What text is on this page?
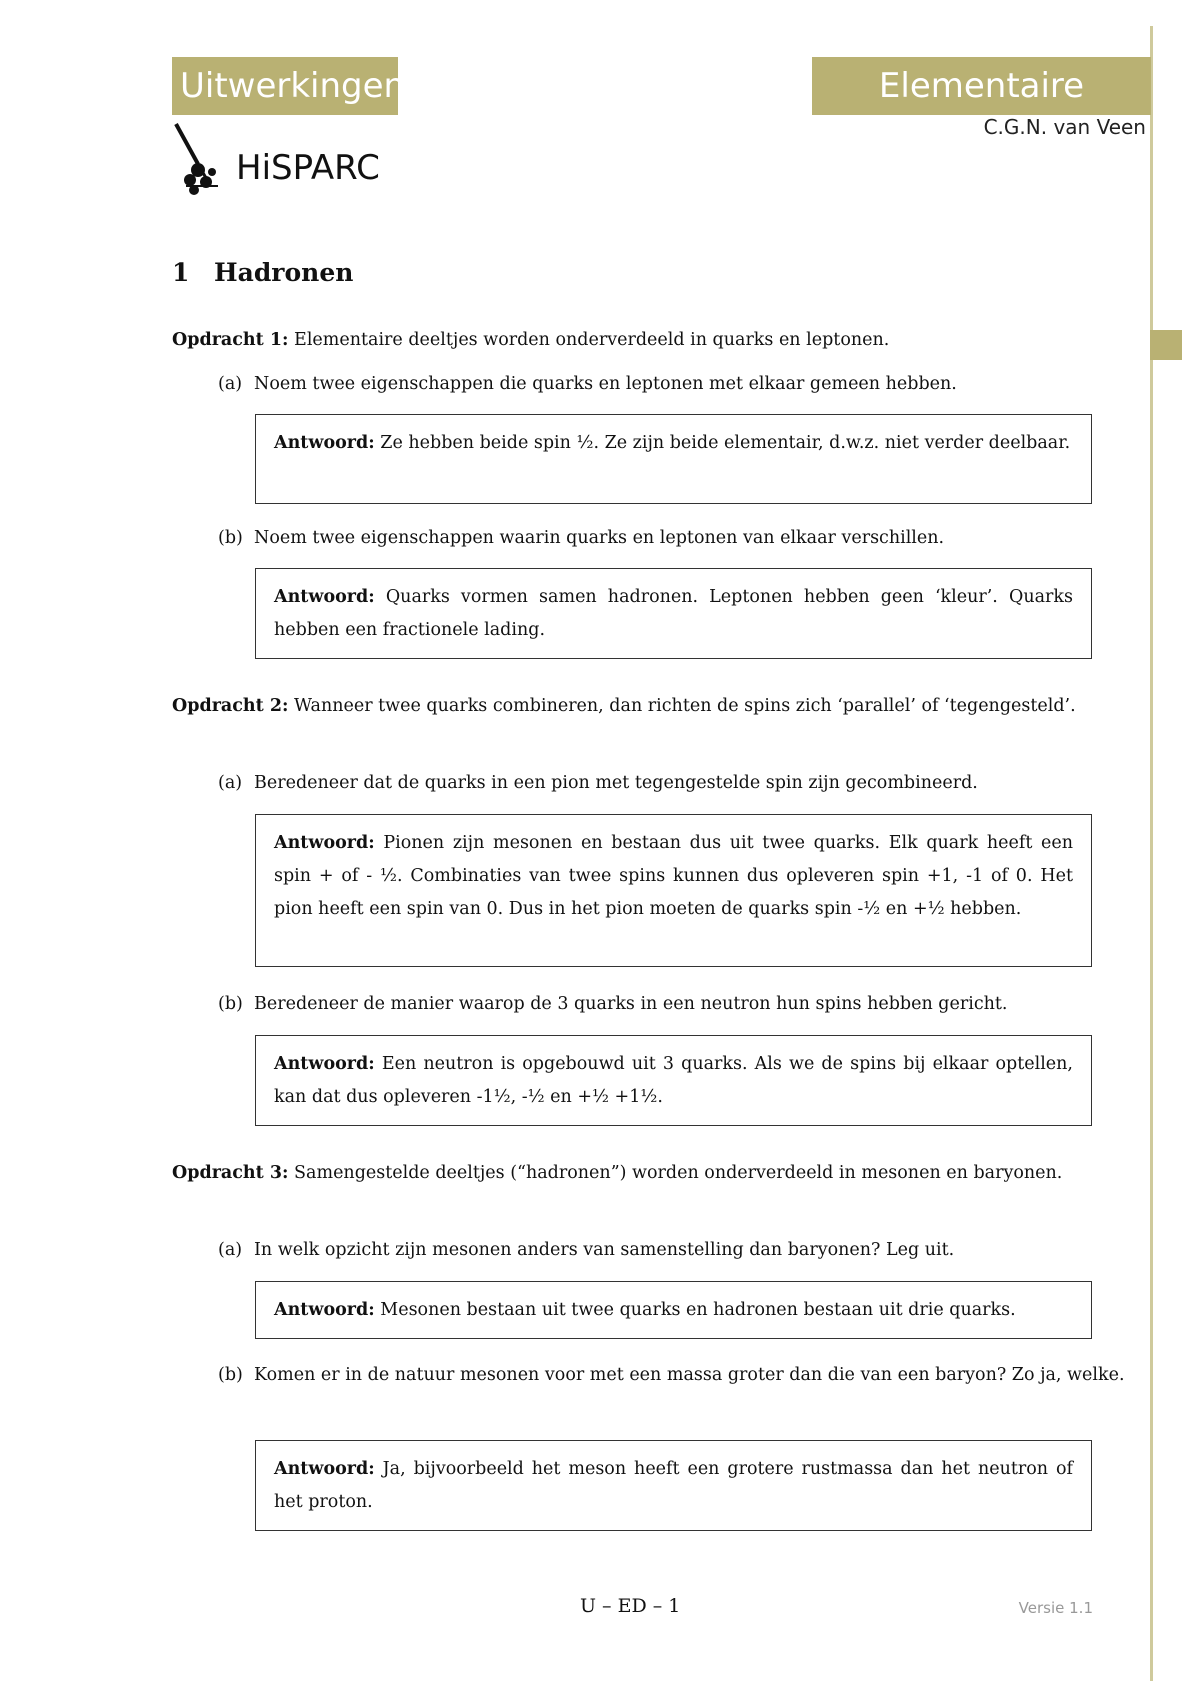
Uitwerkingen	Elementaire deeltjes
C.G.N. van Veen
HiSPARC
1 Hadronen
Opdracht 1: Elementaire deeltjes worden onderverdeeld in quarks en leptonen.
(a) Noem twee eigenschappen die quarks en leptonen met elkaar gemeen hebben.
Antwoord: Ze hebben beide spin ½. Ze zijn beide elementair, d.w.z. niet verder deelbaar.
(b) Noem twee eigenschappen waarin quarks en leptonen van elkaar verschillen.
Antwoord: Quarks vormen samen hadronen. Leptonen hebben geen ‘kleur’. Quarks hebben een fractionele lading.
Opdracht 2: Wanneer twee quarks combineren, dan richten de spins zich ‘parallel’ of ‘tegengesteld’.
(a) Beredeneer dat de quarks in een pion met tegengestelde spin zijn gecombineerd.
Antwoord: Pionen zijn mesonen en bestaan dus uit twee quarks. Elk quark heeft een spin + of - ½. Combinaties van twee spins kunnen dus opleveren spin +1, -1 of 0. Het pion heeft een spin van 0. Dus in het pion moeten de quarks spin -½ en +½ hebben.
(b) Beredeneer de manier waarop de 3 quarks in een neutron hun spins hebben gericht.
Antwoord: Een neutron is opgebouwd uit 3 quarks. Als we de spins bij elkaar optellen, kan dat dus opleveren -1½, -½ en +½ +1½.
Opdracht 3: Samengestelde deeltjes (“hadronen”) worden onderverdeeld in mesonen en baryonen.
(a) In welk opzicht zijn mesonen anders van samenstelling dan baryonen? Leg uit.
Antwoord: Mesonen bestaan uit twee quarks en hadronen bestaan uit drie quarks.
(b) Komen er in de natuur mesonen voor met een massa groter dan die van een baryon? Zo ja, welke.
Antwoord: Ja, bijvoorbeeld het meson heeft een grotere rustmassa dan het neutron of het proton.
U – ED – 1	Versie 1.1
